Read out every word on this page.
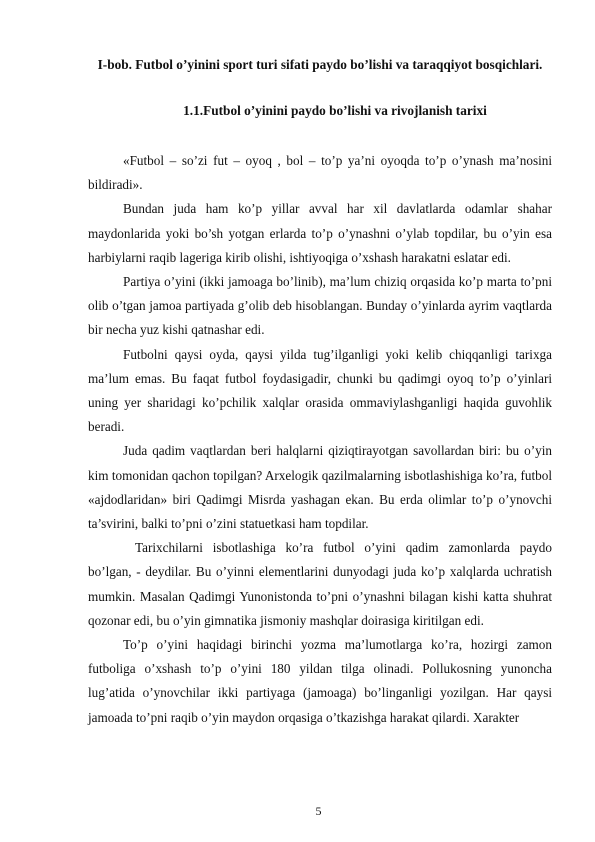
I-bob. Futbol o’yinini sport turi sifati paydo bo’lishi va taraqqiyot bosqichlari.
1.1.Futbol o’yinini paydo bo’lishi va rivojlanish tarixi

«Futbol – so’zi fut – oyoq , bol – to’p ya’ni oyoqda to’p o’ynash ma’nosini bildiradi».

Bundan juda ham ko’p yillar avval har xil davlatlarda odamlar shahar maydonlarida yoki bo’sh yotgan erlarda to’p o’ynashni o’ylab topdilar, bu o’yin esa harbiylarni raqib lageriga kirib olishi, ishtiyoqiga o’xshash harakatni eslatar edi.

Partiya o’yini (ikki jamoaga bo’linib), ma’lum chiziq orqasida ko’p marta to’pni olib o’tgan jamoa partiyada g’olib deb hisoblangan. Bunday o’yinlarda ayrim vaqtlarda bir necha yuz kishi qatnashar edi.

Futbolni qaysi oyda, qaysi yilda tug’ilganligi yoki kelib chiqqanligi tarixga ma’lum emas. Bu faqat futbol foydasigadir, chunki bu qadimgi oyoq to’p o’yinlari uning yer sharidagi ko’pchilik xalqlar orasida ommaviylashganligi haqida guvohlik beradi.

Juda qadim vaqtlardan beri halqlarni qiziqtirayotgan savollardan biri: bu o’yin kim tomonidan qachon topilgan? Arxelogik qazilmalarning isbotlashishiga ko’ra, futbol «ajdodlaridan» biri Qadimgi Misrda yashagan ekan. Bu erda olimlar to’p o’ynovchi ta’svirini, balki to’pni o’zini statuetkasi ham topdilar.

Tarixchilarni isbotlashiga ko’ra futbol o’yini qadim zamonlarda paydo bo’lgan, - deydilar. Bu o’yinni elementlarini dunyodagi juda ko’p xalqlarda uchratish mumkin. Masalan Qadimgi Yunonistonda to’pni o’ynashni bilagan kishi katta shuhrat qozonar edi, bu o’yin gimnatika jismoniy mashqlar doirasiga kiritilgan edi.

To’p o’yini haqidagi birinchi yozma ma’lumotlarga ko’ra, hozirgi zamon futboliga o’xshash to’p o’yini 180 yildan tilga olinadi. Pollukosning yunoncha lug’atida o’ynovchilar ikki partiyaga (jamoaga) bo’linganligi yozilgan. Har qaysi jamoada to’pni raqib o’yin maydon orqasiga o’tkazishga harakat qilardi. Xarakter

5
